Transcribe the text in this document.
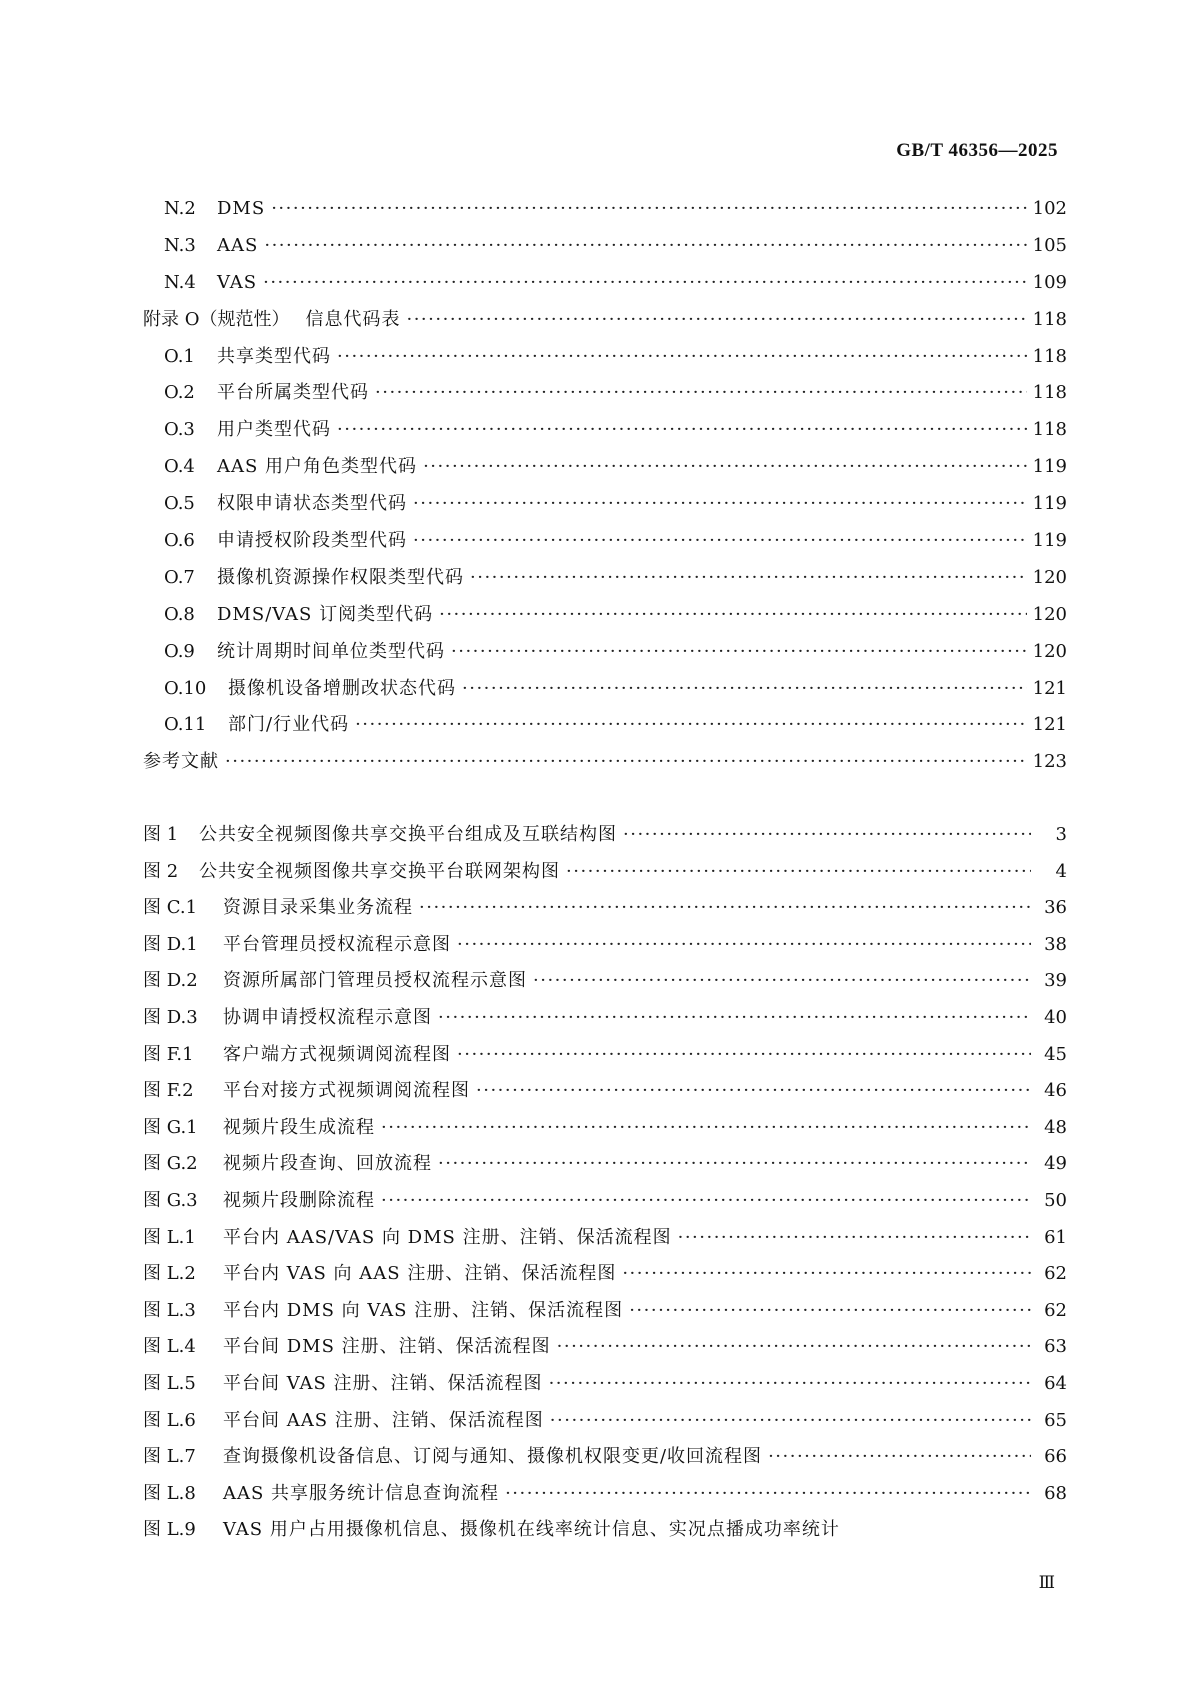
GB/T 46356—2025
N.2	DMS ·····	102
N.3	AAS ·····	105
N.4	VAS ·····	109
附录 O（规范性） 信息代码表 ·····	118
O.1	共享类型代码 ·····	118
O.2	平台所属类型代码 ·····	118
O.3	用户类型代码 ·····	118
O.4	AAS 用户角色类型代码 ·····	119
O.5	权限申请状态类型代码 ·····	119
O.6	申请授权阶段类型代码 ·····	119
O.7	摄像机资源操作权限类型代码 ·····	120
O.8	DMS/VAS 订阅类型代码 ·····	120
O.9	统计周期时间单位类型代码 ·····	120
O.10	摄像机设备增删改状态代码 ·····	121
O.11	部门/行业代码 ·····	121
参考文献 ·····	123
图 1	公共安全视频图像共享交换平台组成及互联结构图 ·····	3
图 2	公共安全视频图像共享交换平台联网架构图 ·····	4
图 C.1	资源目录采集业务流程 ·····	36
图 D.1	平台管理员授权流程示意图 ·····	38
图 D.2	资源所属部门管理员授权流程示意图 ·····	39
图 D.3	协调申请授权流程示意图 ·····	40
图 F.1	客户端方式视频调阅流程图 ·····	45
图 F.2	平台对接方式视频调阅流程图 ·····	46
图 G.1	视频片段生成流程 ·····	48
图 G.2	视频片段查询、回放流程 ·····	49
图 G.3	视频片段删除流程 ·····	50
图 L.1	平台内 AAS/VAS 向 DMS 注册、注销、保活流程图 ·····	61
图 L.2	平台内 VAS 向 AAS 注册、注销、保活流程图 ·····	62
图 L.3	平台内 DMS 向 VAS 注册、注销、保活流程图 ·····	62
图 L.4	平台间 DMS 注册、注销、保活流程图 ·····	63
图 L.5	平台间 VAS 注册、注销、保活流程图 ·····	64
图 L.6	平台间 AAS 注册、注销、保活流程图 ·····	65
图 L.7	查询摄像机设备信息、订阅与通知、摄像机权限变更/收回流程图 ·····	66
图 L.8	AAS 共享服务统计信息查询流程 ·····	68
图 L.9	VAS 用户占用摄像机信息、摄像机在线率统计信息、实况点播成功率统计
Ⅲ
